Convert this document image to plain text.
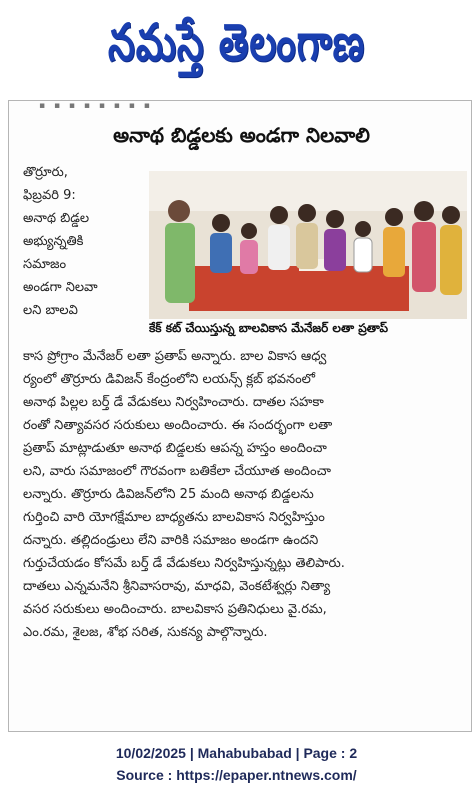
నమస్తే తెలంగాణ
▪︎ ▪︎ ▪︎ ▪︎ ▪︎ ▪︎ ▪︎ ▪︎
అనాథ బిడ్డలకు అండగా నిలవాలి
తొర్రూరు,
ఫిబ్రవరి 9:
అనాథ బిడ్డల
అభ్యున్నతికి
సమాజం
అండగా నిలవా
లని బాలవి
కేక్ కట్ చేయిస్తున్న బాలవికాస మేనేజర్ లతా ప్రతాప్
కాస ప్రోగ్రాం మేనేజర్ లతా ప్రతాప్ అన్నారు. బాల వికాస ఆధ్వ
ర్యంలో తొర్రూరు డివిజన్ కేంద్రంలోని లయన్స్ క్లబ్ భవనంలో
అనాథ పిల్లల బర్త్ డే వేడుకలు నిర్వహించారు. దాతల సహకా
రంతో నిత్యావసర సరుకులు అందించారు. ఈ సందర్భంగా లతా
ప్రతాప్ మాట్లాడుతూ అనాథ బిడ్డలకు ఆపన్న హస్తం అందించా
లని, వారు సమాజంలో గౌరవంగా బతికేలా చేయూత అందించా
లన్నారు. తొర్రూరు డివిజన్‌లోని 25 మంది అనాథ బిడ్డలను
గుర్తించి వారి యోగక్షేమాల బాధ్యతను బాలవికాస నిర్వహిస్తుం
దన్నారు. తల్లిదండ్రులు లేని వారికి సమాజం అండగా ఉందని
గుర్తుచేయడం కోసమే బర్త్ డే వేడుకలు నిర్వహిస్తున్నట్లు తెలిపారు.
దాతలు ఎన్నమనేని శ్రీనివాసరావు, మాధవి, వెంకటేశ్వర్లు నిత్యా
వసర సరుకులు అందించారు. బాలవికాస ప్రతినిధులు వై.రమ,
ఎం.రమ, శైలజ, శోభ సరిత, సుకన్య పాల్గొన్నారు.
10/02/2025 | Mahabubabad | Page : 2
Source : https://epaper.ntnews.com/
